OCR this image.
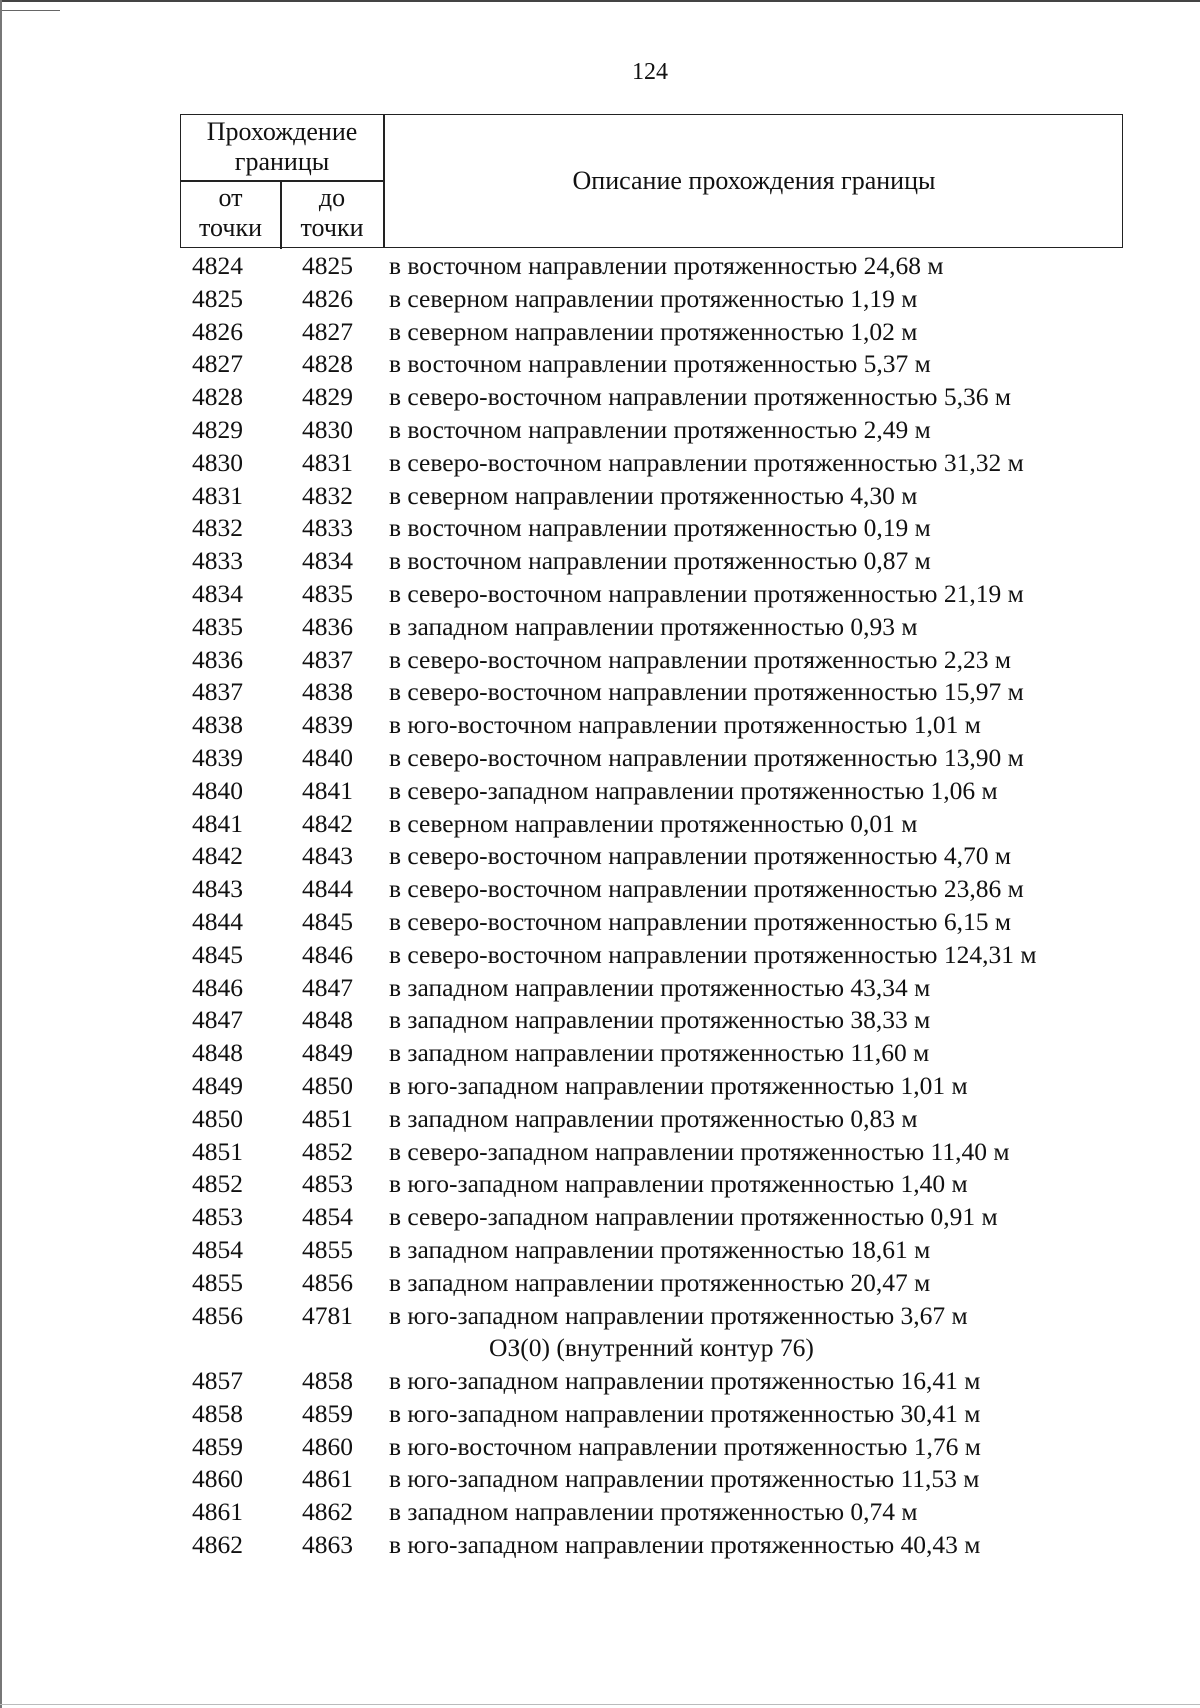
124
Прохождение
границы
от
точки
до
точки
Описание прохождения границы
4824	4825	в восточном направлении протяженностью 24,68 м
4825	4826	в северном направлении протяженностью 1,19 м
4826	4827	в северном направлении протяженностью 1,02 м
4827	4828	в восточном направлении протяженностью 5,37 м
4828	4829	в северо-восточном направлении протяженностью 5,36 м
4829	4830	в восточном направлении протяженностью 2,49 м
4830	4831	в северо-восточном направлении протяженностью 31,32 м
4831	4832	в северном направлении протяженностью 4,30 м
4832	4833	в восточном направлении протяженностью 0,19 м
4833	4834	в восточном направлении протяженностью 0,87 м
4834	4835	в северо-восточном направлении протяженностью 21,19 м
4835	4836	в западном направлении протяженностью 0,93 м
4836	4837	в северо-восточном направлении протяженностью 2,23 м
4837	4838	в северо-восточном направлении протяженностью 15,97 м
4838	4839	в юго-восточном направлении протяженностью 1,01 м
4839	4840	в северо-восточном направлении протяженностью 13,90 м
4840	4841	в северо-западном направлении протяженностью 1,06 м
4841	4842	в северном направлении протяженностью 0,01 м
4842	4843	в северо-восточном направлении протяженностью 4,70 м
4843	4844	в северо-восточном направлении протяженностью 23,86 м
4844	4845	в северо-восточном направлении протяженностью 6,15 м
4845	4846	в северо-восточном направлении протяженностью 124,31 м
4846	4847	в западном направлении протяженностью 43,34 м
4847	4848	в западном направлении протяженностью 38,33 м
4848	4849	в западном направлении протяженностью 11,60 м
4849	4850	в юго-западном направлении протяженностью 1,01 м
4850	4851	в западном направлении протяженностью 0,83 м
4851	4852	в северо-западном направлении протяженностью 11,40 м
4852	4853	в юго-западном направлении протяженностью 1,40 м
4853	4854	в северо-западном направлении протяженностью 0,91 м
4854	4855	в западном направлении протяженностью 18,61 м
4855	4856	в западном направлении протяженностью 20,47 м
4856	4781	в юго-западном направлении протяженностью 3,67 м
ОЗ(0) (внутренний контур 76)
4857	4858	в юго-западном направлении протяженностью 16,41 м
4858	4859	в юго-западном направлении протяженностью 30,41 м
4859	4860	в юго-восточном направлении протяженностью 1,76 м
4860	4861	в юго-западном направлении протяженностью 11,53 м
4861	4862	в западном направлении протяженностью 0,74 м
4862	4863	в юго-западном направлении протяженностью 40,43 м
